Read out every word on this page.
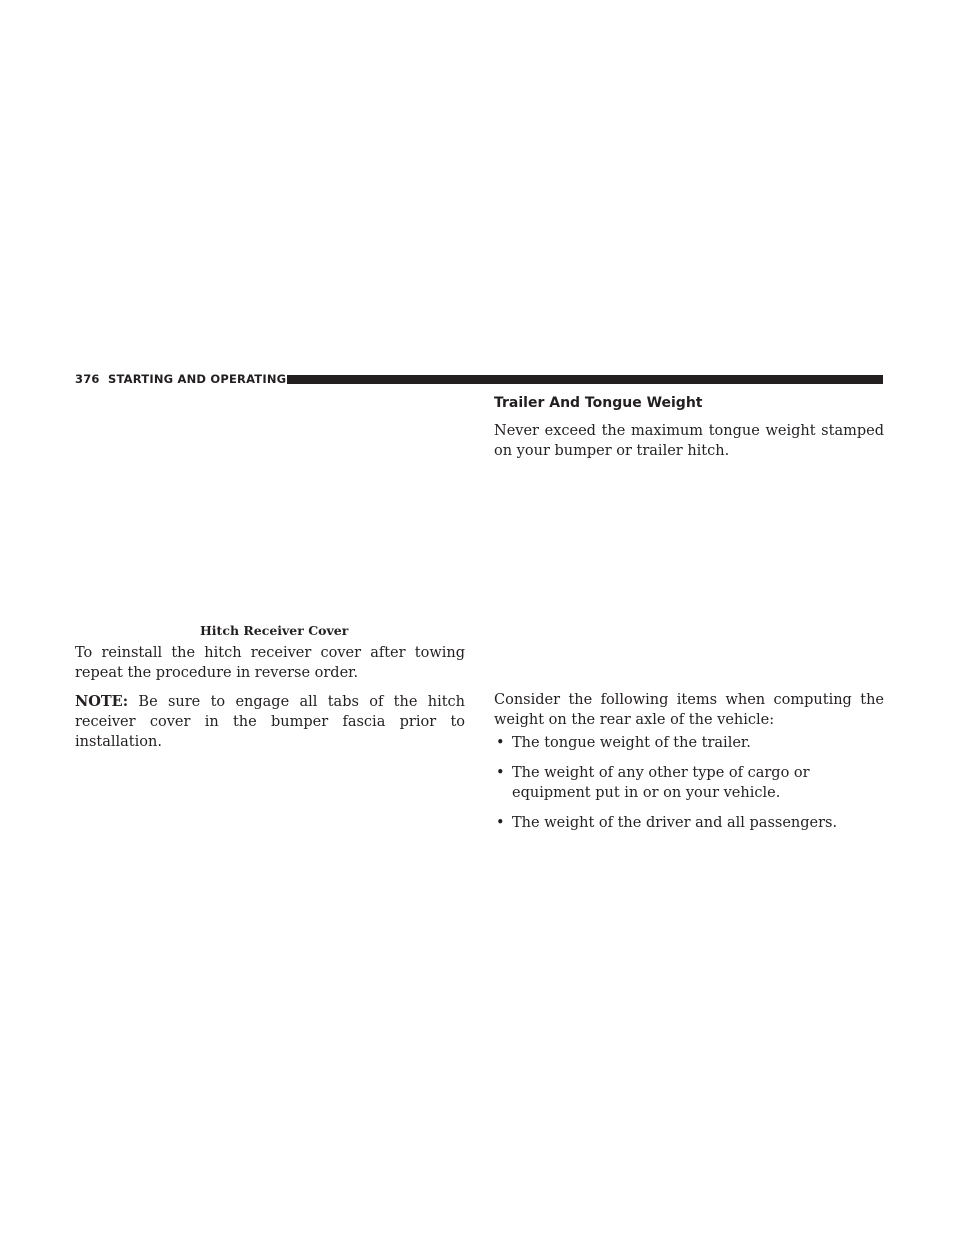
376 STARTING AND OPERATING
Hitch Receiver Cover

To reinstall the hitch receiver cover after towing repeat the procedure in reverse order.

NOTE: Be sure to engage all tabs of the hitch receiver cover in the bumper fascia prior to installation.

Trailer And Tongue Weight

Never exceed the maximum tongue weight stamped on your bumper or trailer hitch.

Consider the following items when computing the weight on the rear axle of the vehicle:

• The tongue weight of the trailer.
• The weight of any other type of cargo or equipment put in or on your vehicle.
• The weight of the driver and all passengers.
